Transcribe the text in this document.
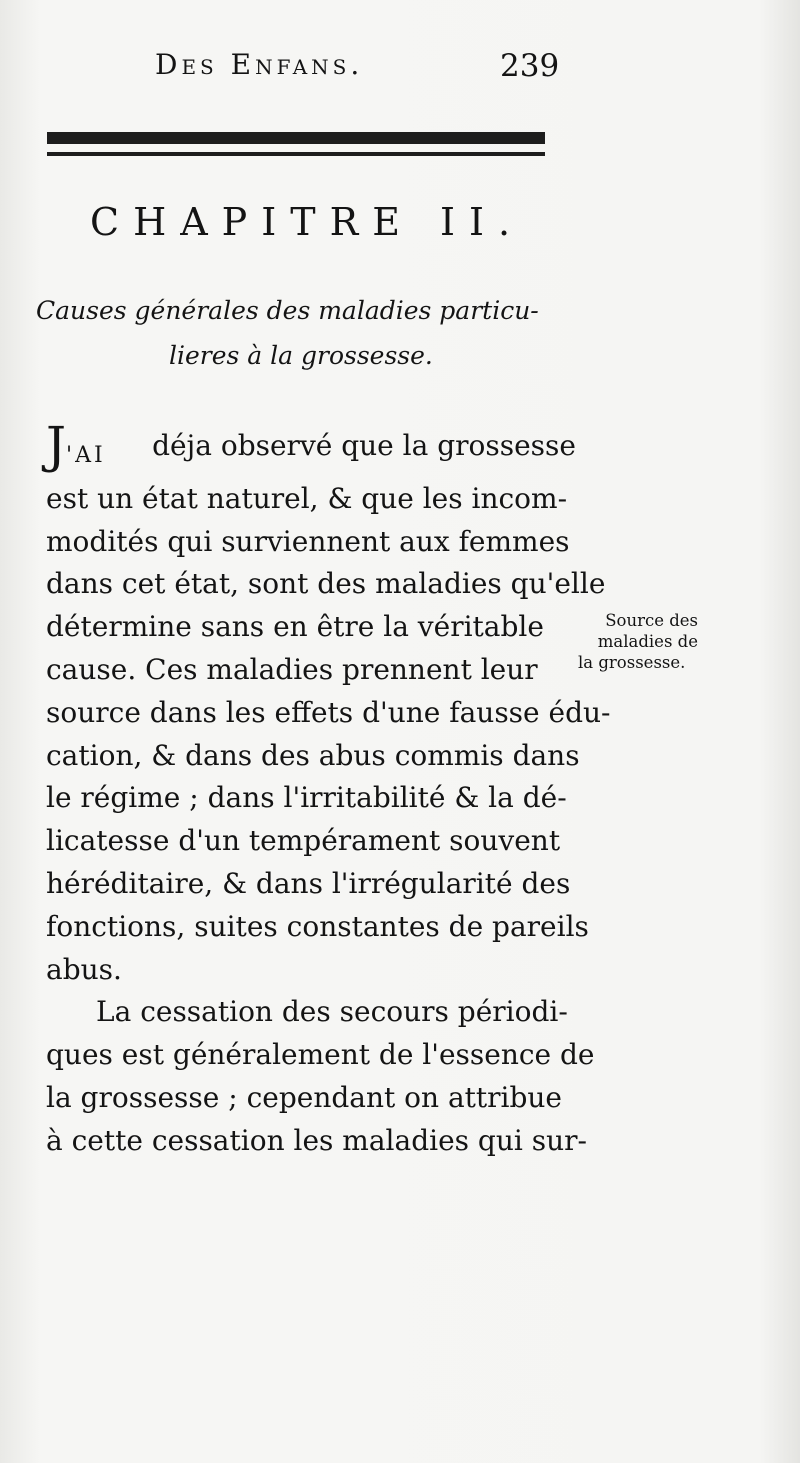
Des Enfans.	239
CHAPITRE II.
Causes générales des maladies particu-
lieres à la grossesse.
J'AI déja observé que la grossesse
est un état naturel, & que les incom-
modités qui surviennent aux femmes
dans cet état, sont des maladies qu'elle
détermine sans en être la véritable
cause. Ces maladies prennent leur
source dans les effets d'une fausse édu-
cation, & dans des abus commis dans
le régime ; dans l'irritabilité & la dé-
licatesse d'un tempérament souvent
héréditaire, & dans l'irrégularité des
fonctions, suites constantes de pareils
abus.
La cessation des secours périodi-
ques est généralement de l'essence de
la grossesse ; cependant on attribue
à cette cessation les maladies qui sur-
Source des
maladies de
la grossesse.
